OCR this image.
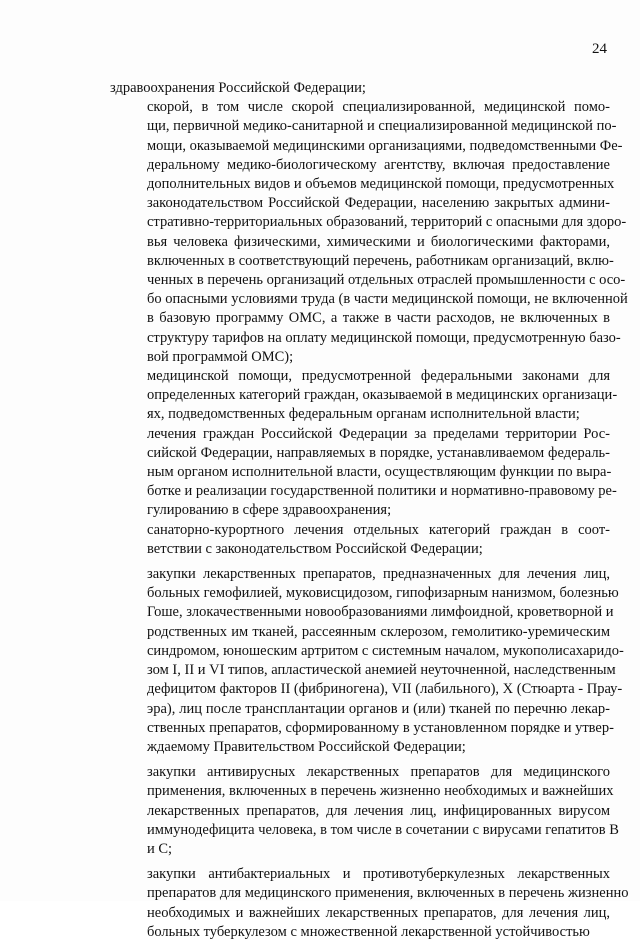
24

здравоохранения Российской Федерации;

скорой, в том числе скорой специализированной, медицинской помо-
щи, первичной медико-санитарной и специализированной медицинской по-
мощи, оказываемой медицинскими организациями, подведомственными Фе-
деральному медико-биологическому агентству, включая предоставление
дополнительных видов и объемов медицинской помощи, предусмотренных
законодательством Российской Федерации, населению закрытых админи-
стративно-территориальных образований, территорий с опасными для здоро-
вья человека физическими, химическими и биологическими факторами,
включенных в соответствующий перечень, работникам организаций, вклю-
ченных в перечень организаций отдельных отраслей промышленности с осо-
бо опасными условиями труда (в части медицинской помощи, не включенной
в базовую программу ОМС, а также в части расходов, не включенных в
структуру тарифов на оплату медицинской помощи, предусмотренную базо-
вой программой ОМС);

медицинской помощи, предусмотренной федеральными законами для
определенных категорий граждан, оказываемой в медицинских организаци-
ях, подведомственных федеральным органам исполнительной власти;

лечения граждан Российской Федерации за пределами территории Рос-
сийской Федерации, направляемых в порядке, устанавливаемом федераль-
ным органом исполнительной власти, осуществляющим функции по выра-
ботке и реализации государственной политики и нормативно-правовому ре-
гулированию в сфере здравоохранения;

санаторно-курортного лечения отдельных категорий граждан в соот-
ветствии с законодательством Российской Федерации;

закупки лекарственных препаратов, предназначенных для лечения лиц,
больных гемофилией, муковисцидозом, гипофизарным нанизмом, болезнью
Гоше, злокачественными новообразованиями лимфоидной, кроветворной и
родственных им тканей, рассеянным склерозом, гемолитико-уремическим
синдромом, юношеским артритом с системным началом, мукополисахаридо-
зом I, II и VI типов, апластической анемией неуточненной, наследственным
дефицитом факторов II (фибриногена), VII (лабильного), X (Стюарта - Прау-
эра), лиц после трансплантации органов и (или) тканей по перечню лекар-
ственных препаратов, сформированному в установленном порядке и утвер-
ждаемому Правительством Российской Федерации;

закупки антивирусных лекарственных препаратов для медицинского
применения, включенных в перечень жизненно необходимых и важнейших
лекарственных препаратов, для лечения лиц, инфицированных вирусом
иммунодефицита человека, в том числе в сочетании с вирусами гепатитов В
и С;

закупки антибактериальных и противотуберкулезных лекарственных
препаратов для медицинского применения, включенных в перечень жизненно
необходимых и важнейших лекарственных препаратов, для лечения лиц,
больных туберкулезом с множественной лекарственной устойчивостью
